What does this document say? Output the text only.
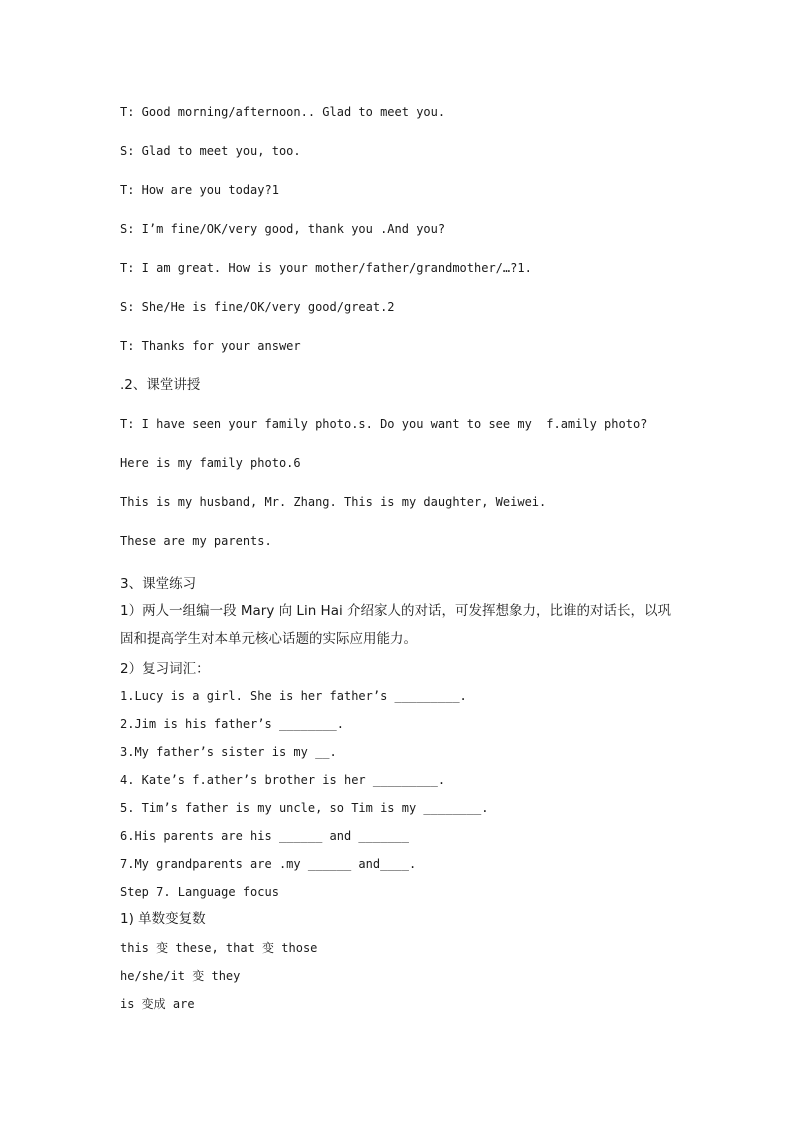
T: Good morning/afternoon.. Glad to meet you.
S: Glad to meet you, too.
T: How are you today?1
S: I’m fine/OK/very good, thank you .And you?
T: I am great. How is your mother/father/grandmother/…?1.
S: She/He is fine/OK/very good/great.2
T: Thanks for your answer
.2、课堂讲授
T: I have seen your family photo.s. Do you want to see my  f.amily photo?
Here is my family photo.6
This is my husband, Mr. Zhang. This is my daughter, Weiwei.
These are my parents.
3、课堂练习
1）两人一组编一段 Mary 向 Lin Hai 介绍家人的对话，可发挥想象力，比谁的对话长，以巩固和提高学生对本单元核心话题的实际应用能力。
2）复习词汇：
1.Lucy is a girl. She is her father’s _________.
2.Jim is his father’s ________.
3.My father’s sister is my __.
4. Kate’s f.ather’s brother is her _________.
5. Tim’s father is my uncle, so Tim is my ________.
6.His parents are his ______ and _______
7.My grandparents are .my ______ and____.
Step 7. Language focus
1) 单数变复数
this 变 these, that 变 those
he/she/it 变 they
is 变成 are
